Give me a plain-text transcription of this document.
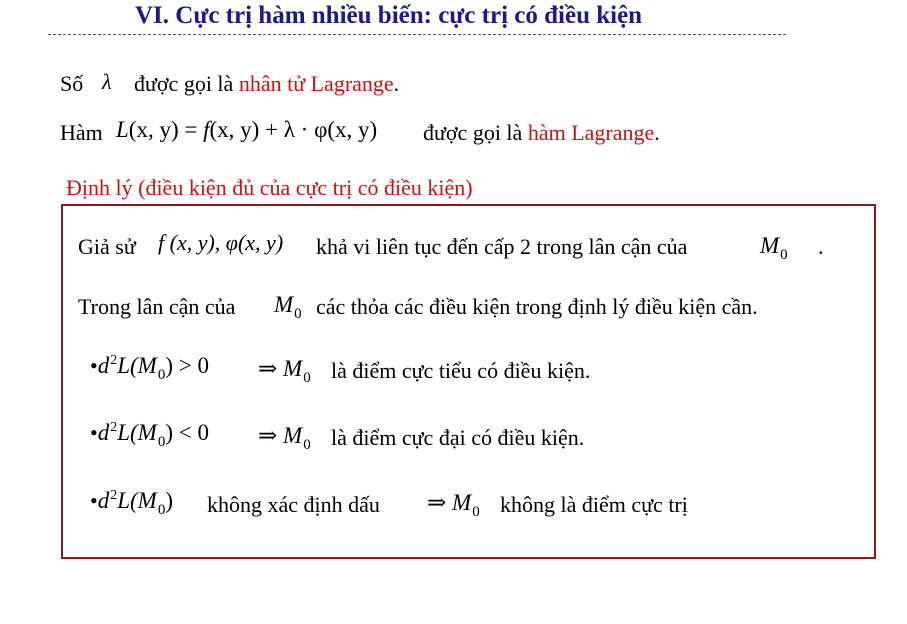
VI. Cực trị hàm nhiều biến: cực trị có điều kiện
Số λ được gọi là nhân tử Lagrange.
Hàm L(x, y) = f(x, y) + λ · φ(x, y) được gọi là hàm Lagrange.
Định lý (điều kiện đủ của cực trị có điều kiện)
Giả sử f (x, y), φ(x, y) khả vi liên tục đến cấp 2 trong lân cận của	$M_0$ .
Trong lân cận của $M_0$ các thỏa các điều kiện trong định lý điều kiện cần.
$•d^2L(M_0) > 0$ ⇒ $M_0$ là điểm cực tiểu có điều kiện.
$•d^2L(M_0) < 0$ ⇒ $M_0$ là điểm cực đại có điều kiện.
$•d^2L(M_0)$ không xác định dấu ⇒ $M_0$ không là điểm cực trị
